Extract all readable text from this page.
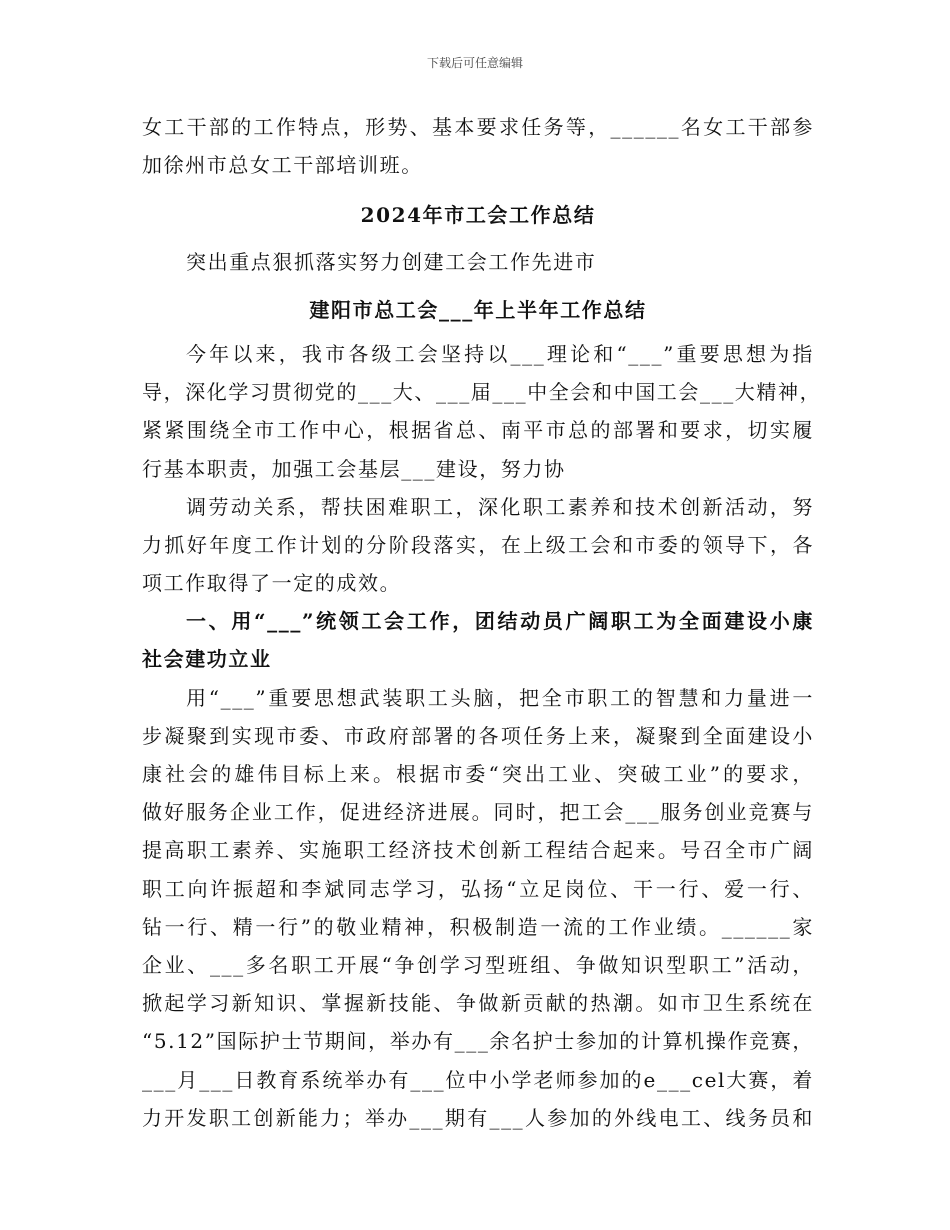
下载后可任意编辑
女工干部的工作特点，形势、基本要求任务等，______名女工干部参
加徐州市总女工干部培训班。
2024年市工会工作总结
突出重点狠抓落实努力创建工会工作先进市
建阳市总工会___年上半年工作总结
今年以来，我市各级工会坚持以___理论和“___”重要思想为指
导，深化学习贯彻党的___大、___届___中全会和中国工会___大精神，
紧紧围绕全市工作中心，根据省总、南平市总的部署和要求，切实履
行基本职责，加强工会基层___建设，努力协
调劳动关系，帮扶困难职工，深化职工素养和技术创新活动，努
力抓好年度工作计划的分阶段落实，在上级工会和市委的领导下，各
项工作取得了一定的成效。
一、用“___”统领工会工作，团结动员广阔职工为全面建设小康
社会建功立业
用“___”重要思想武装职工头脑，把全市职工的智慧和力量进一
步凝聚到实现市委、市政府部署的各项任务上来，凝聚到全面建设小
康社会的雄伟目标上来。根据市委“突出工业、突破工业”的要求，
做好服务企业工作，促进经济进展。同时，把工会___服务创业竞赛与
提高职工素养、实施职工经济技术创新工程结合起来。号召全市广阔
职工向许振超和李斌同志学习，弘扬“立足岗位、干一行、爱一行、
钻一行、精一行”的敬业精神，积极制造一流的工作业绩。______家
企业、___多名职工开展“争创学习型班组、争做知识型职工”活动，
掀起学习新知识、掌握新技能、争做新贡献的热潮。如市卫生系统在
“5.12”国际护士节期间，举办有___余名护士参加的计算机操作竞赛，
___月___日教育系统举办有___位中小学老师参加的e___cel大赛，着
力开发职工创新能力；举办___期有___人参加的外线电工、线务员和
